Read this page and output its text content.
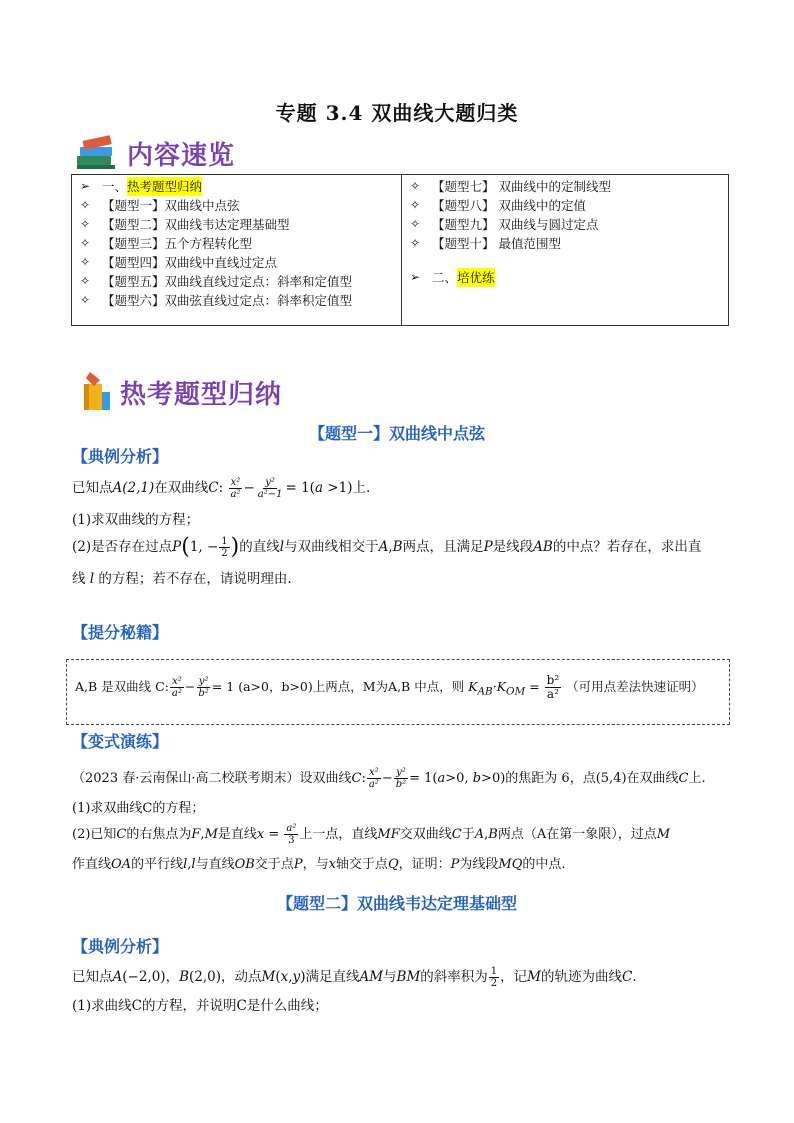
专题 3.4 双曲线大题归类
内容速览
➢ 一、 热考题型归纳
✧ 【题型一】双曲线中点弦
✧ 【题型二】双曲线韦达定理基础型
✧ 【题型三】五个方程转化型
✧ 【题型四】双曲线中直线过定点
✧ 【题型五】双曲线直线过定点：斜率和定值型
✧ 【题型六】双曲弦直线过定点：斜率积定值型
✧ 【题型七】 双曲线中的定制线型
✧ 【题型八】 双曲线中的定值
✧ 【题型九】 双曲线与圆过定点
✧ 【题型十】 最值范围型
➢ 二、 培优练
热考题型归纳
【题型一】双曲线中点弦
【典例分析】
已知点A(2,1)在双曲线C: $\frac{\text{x²}}{\text{a²}} - \frac{\text{y²}}{\text{a²−1}} = 1(a >1)$上.
(1)求双曲线的方程；
(2)是否存在过点P(1, − $\frac{1}{2}$ )的直线l与双曲线相交于A,B两点，且满足P是线段AB的中点？若存在，求出直
线 l 的方程；若不存在，请说明理由.
【提分秘籍】
A,B 是双曲线 C: $\frac{\text{x²}}{\text{a²}} - \frac{\text{y²}}{\text{b²}} = 1$ (a>0，b>0)上两点，M为A,B 中点，则 $K_{AB}\cdot K_{OM} = \frac{\text{b²}}{\text{a²}}$ （可用点差法快速证明）
【变式演练】
（2023 春·云南保山·高二校联考期末）设双曲线C: $\frac{\text{x²}}{\text{a²}} - \frac{\text{y²}}{\text{b²}} = 1(a>0$, b>0)的焦距为 6，点(5,4)在双曲线C上.
(1)求双曲线C的方程；
(2)已知C的右焦点为F,M是直线$x = \frac{\text{a²}}{3}$ 上一点，直线MF交双曲线C于A,B两点（A在第一象限），过点M
作直线OA的平行线l,l与直线OB交于点P，与x轴交于点Q，证明：P为线段MQ的中点.
【题型二】双曲线韦达定理基础型
【典例分析】
已知点A(−2,0)，B(2,0)，动点M(x,y)满足直线AM与BM的斜率积为 $\frac{1}{2}$ ，记M的轨迹为曲线C.
(1)求曲线C的方程，并说明C是什么曲线；
